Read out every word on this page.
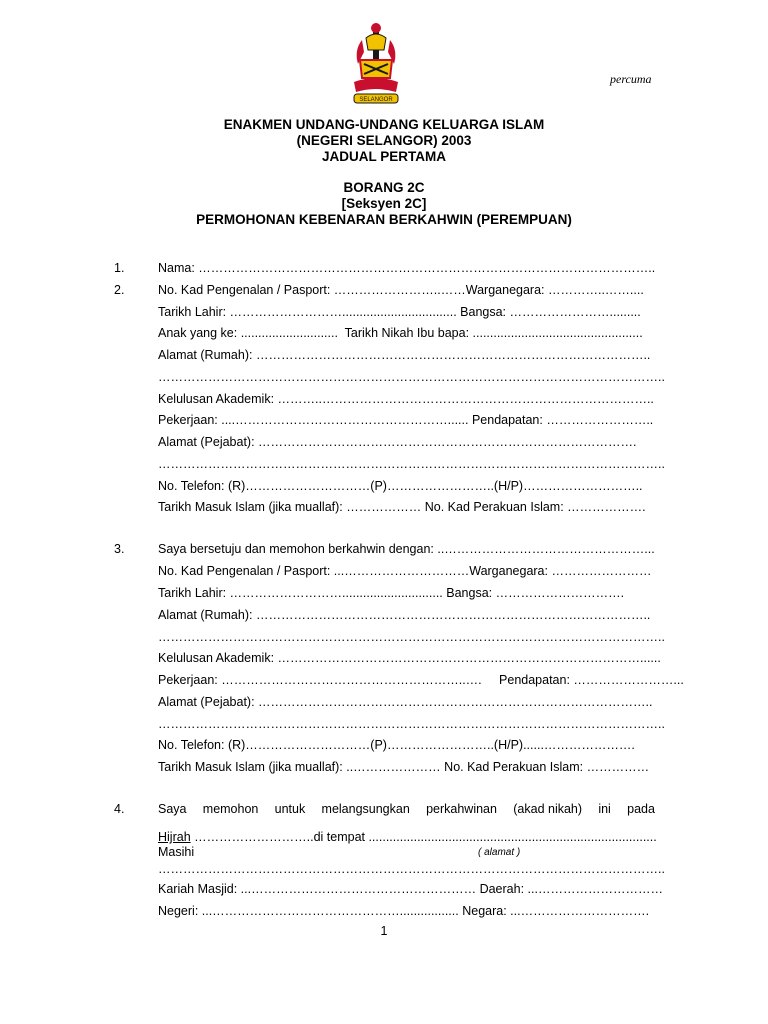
SELANGOR
percuma
ENAKMEN UNDANG-UNDANG KELUARGA ISLAM
(NEGERI SELANGOR) 2003
JADUAL PERTAMA
BORANG 2C
[Seksyen 2C]
PERMOHONAN KEBENARAN BERKAHWIN (PEREMPUAN)
1.
2.
3.
4.
Nama: ………………………………………………………………………………………………..
No. Kad Pengenalan / Pasport: ……………………..……Warganegara: …………..……....
Tarikh Lahir: ………………………................................. Bangsa: …………………….........
Anak yang ke: ............................ Tarikh Nikah Ibu bapa: .................................................
Alamat (Rumah): …………………………………………………………………………………..
…………………………………………………………………………………………………………..
Kelulusan Akademik: ………..……………………………………………………………………..
Pekerjaan: ....……………………………………………...... Pendapatan: ……………………..
Alamat (Pejabat): ……………………………………………………………………………….
…………………………………………………………………………………………………………..
No. Telefon: (R)…………………………(P)……………………..(H/P)………………………..
Tarikh Masuk Islam (jika muallaf): ……………… No. Kad Perakuan Islam: ……………….
Saya bersetuju dan memohon berkahwin dengan: ..…………………………………………...
No. Kad Pengenalan / Pasport: ...…………………………Warganegara: ……………………
Tarikh Lahir: ………………………............................. Bangsa: ………………………….
Alamat (Rumah): …………………………………………………………………………………..
…………………………………………………………………………………………………………..
Kelulusan Akademik: ……………………………………………………………………………......
Pekerjaan: …………………………………………………..…. Pendapatan: ……………………...
Alamat (Pejabat): …………………………………………………………………………………..
…………………………………………………………………………………………………………..
No. Telefon: (R)…………………………(P)……………………..(H/P)......………………….
Tarikh Masuk Islam (jika muallaf): ..………………… No. Kad Perakuan Islam: ……………
Saya memohon untuk melangsungkan perkahwinan (akad nikah) ini pada
Hijrah ………………………..di tempat ...................................................................................
Masihi	( alamat )
…………………………………………………………………………………………………………..
Kariah Masjid: ...……………………………………………… Daerah: ...…………………………
Negeri: ...………………………………………................. Negara: ...………………………….
1
